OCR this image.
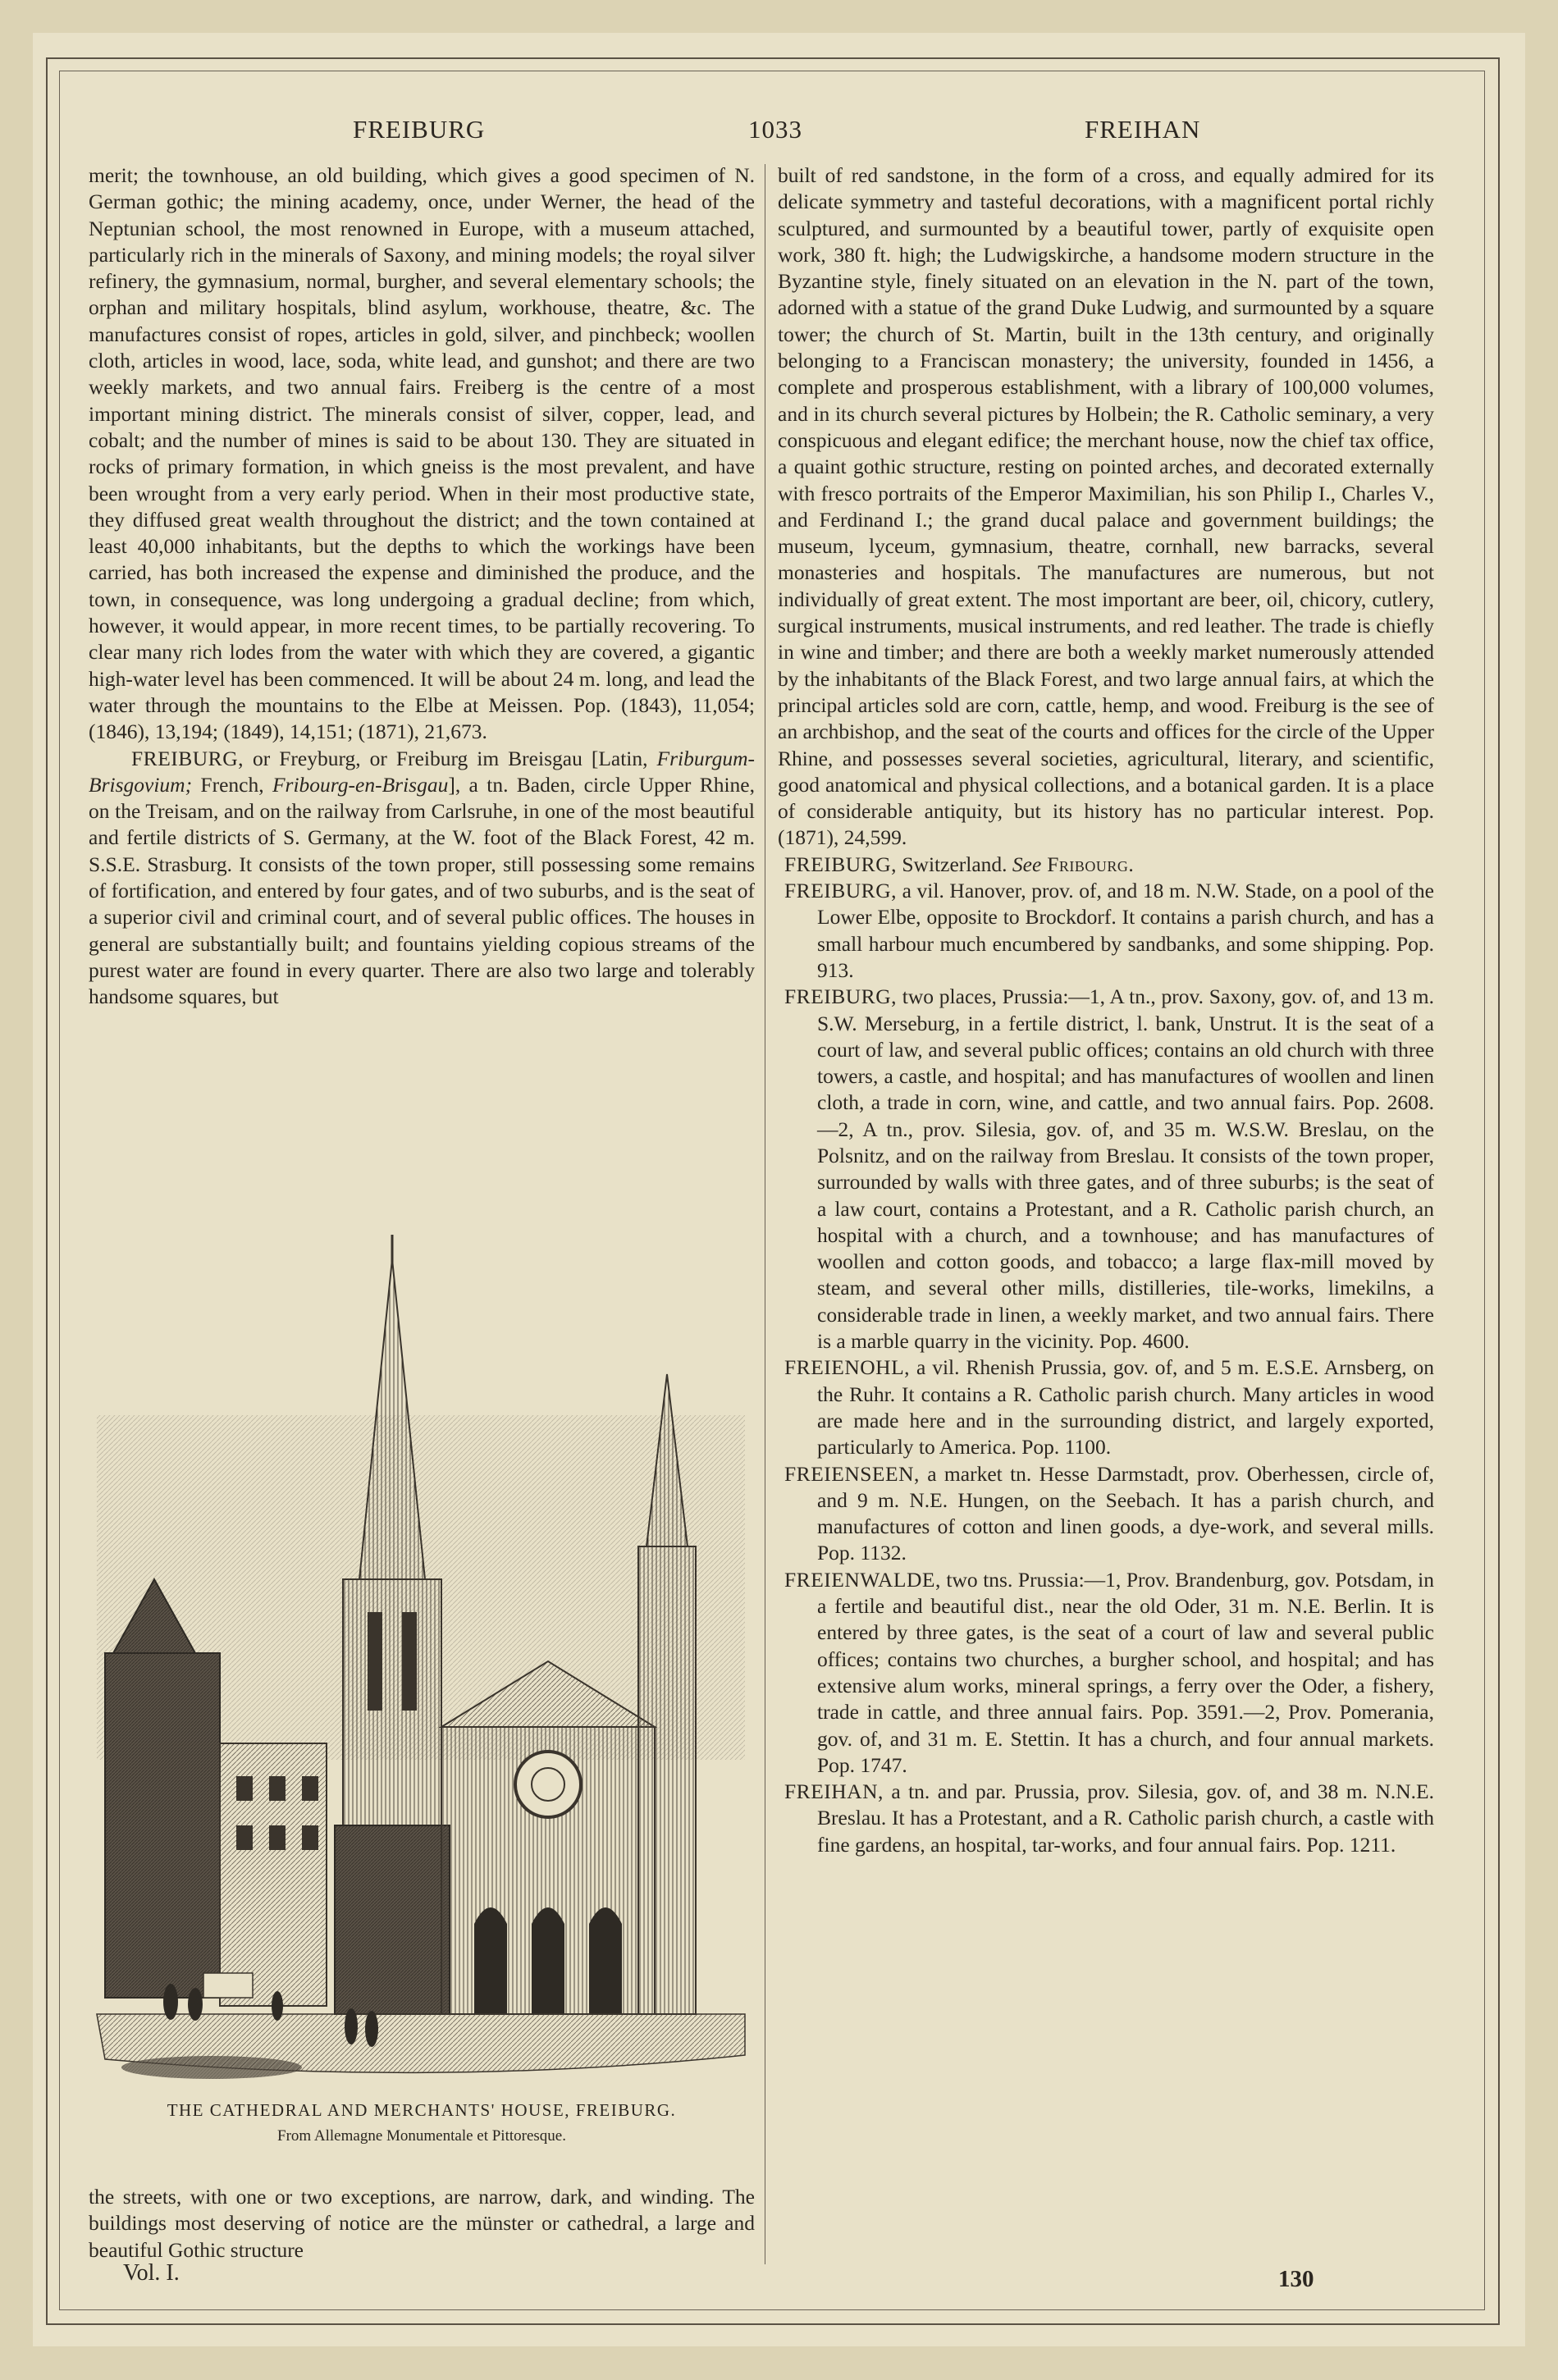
FREIBURG	1033	FREIHAN

merit; the townhouse, an old building, which gives a good specimen of N. German gothic; the mining academy, once, under Werner, the head of the Neptunian school, the most renowned in Europe, with a museum attached, particularly rich in the minerals of Saxony, and mining models; the royal silver refinery, the gymnasium, normal, burgher, and several elementary schools; the orphan and military hospitals, blind asylum, workhouse, theatre, &c. The manufactures consist of ropes, articles in gold, silver, and pinchbeck; woollen cloth, articles in wood, lace, soda, white lead, and gunshot; and there are two weekly markets, and two annual fairs. Freiberg is the centre of a most important mining district. The minerals consist of silver, copper, lead, and cobalt; and the number of mines is said to be about 130. They are situated in rocks of primary formation, in which gneiss is the most prevalent, and have been wrought from a very early period. When in their most productive state, they diffused great wealth throughout the district; and the town contained at least 40,000 inhabitants, but the depths to which the workings have been carried, has both increased the expense and diminished the produce, and the town, in consequence, was long undergoing a gradual decline; from which, however, it would appear, in more recent times, to be partially recovering. To clear many rich lodes from the water with which they are covered, a gigantic high-water level has been commenced. It will be about 24 m. long, and lead the water through the mountains to the Elbe at Meissen. Pop. (1843), 11,054; (1846), 13,194; (1849), 14,151; (1871), 21,673.

FREIBURG, or Freyburg, or Freiburg im Breisgau [Latin, Friburgum-Brisgovium; French, Fribourg-en-Brisgau], a tn. Baden, circle Upper Rhine, on the Treisam, and on the railway from Carlsruhe, in one of the most beautiful and fertile districts of S. Germany, at the W. foot of the Black Forest, 42 m. S.S.E. Strasburg. It consists of the town proper, still possessing some remains of fortification, and entered by four gates, and of two suburbs, and is the seat of a superior civil and criminal court, and of several public offices. The houses in general are substantially built; and fountains yielding copious streams of the purest water are found in every quarter. There are also two large and tolerably handsome squares, but

THE CATHEDRAL AND MERCHANTS' HOUSE, FREIBURG.
From Allemagne Monumentale et Pittoresque.
the streets, with one or two exceptions, are narrow, dark, and winding. The buildings most deserving of notice are the münster or cathedral, a large and beautiful Gothic structure

built of red sandstone, in the form of a cross, and equally admired for its delicate symmetry and tasteful decorations, with a magnificent portal richly sculptured, and surmounted by a beautiful tower, partly of exquisite open work, 380 ft. high; the Ludwigskirche, a handsome modern structure in the Byzantine style, finely situated on an elevation in the N. part of the town, adorned with a statue of the grand Duke Ludwig, and surmounted by a square tower; the church of St. Martin, built in the 13th century, and originally belonging to a Franciscan monastery; the university, founded in 1456, a complete and prosperous establishment, with a library of 100,000 volumes, and in its church several pictures by Holbein; the R. Catholic seminary, a very conspicuous and elegant edifice; the merchant house, now the chief tax office, a quaint gothic structure, resting on pointed arches, and decorated externally with fresco portraits of the Emperor Maximilian, his son Philip I., Charles V., and Ferdinand I.; the grand ducal palace and government buildings; the museum, lyceum, gymnasium, theatre, cornhall, new barracks, several monasteries and hospitals. The manufactures are numerous, but not individually of great extent. The most important are beer, oil, chicory, cutlery, surgical instruments, musical instruments, and red leather. The trade is chiefly in wine and timber; and there are both a weekly market numerously attended by the inhabitants of the Black Forest, and two large annual fairs, at which the principal articles sold are corn, cattle, hemp, and wood. Freiburg is the see of an archbishop, and the seat of the courts and offices for the circle of the Upper Rhine, and possesses several societies, agricultural, literary, and scientific, good anatomical and physical collections, and a botanical garden. It is a place of considerable antiquity, but its history has no particular interest. Pop. (1871), 24,599.

FREIBURG, Switzerland. See Fribourg.

FREIBURG, a vil. Hanover, prov. of, and 18 m. N.W. Stade, on a pool of the Lower Elbe, opposite to Brockdorf. It contains a parish church, and has a small harbour much encumbered by sandbanks, and some shipping. Pop. 913.

FREIBURG, two places, Prussia:—1, A tn., prov. Saxony, gov. of, and 13 m. S.W. Merseburg, in a fertile district, l. bank, Unstrut. It is the seat of a court of law, and several public offices; contains an old church with three towers, a castle, and hospital; and has manufactures of woollen and linen cloth, a trade in corn, wine, and cattle, and two annual fairs. Pop. 2608.—2, A tn., prov. Silesia, gov. of, and 35 m. W.S.W. Breslau, on the Polsnitz, and on the railway from Breslau. It consists of the town proper, surrounded by walls with three gates, and of three suburbs; is the seat of a law court, contains a Protestant, and a R. Catholic parish church, an hospital with a church, and a townhouse; and has manufactures of woollen and cotton goods, and tobacco; a large flax-mill moved by steam, and several other mills, distilleries, tile-works, limekilns, a considerable trade in linen, a weekly market, and two annual fairs. There is a marble quarry in the vicinity. Pop. 4600.

FREIENOHL, a vil. Rhenish Prussia, gov. of, and 5 m. E.S.E. Arnsberg, on the Ruhr. It contains a R. Catholic parish church. Many articles in wood are made here and in the surrounding district, and largely exported, particularly to America. Pop. 1100.

FREIENSEEN, a market tn. Hesse Darmstadt, prov. Oberhessen, circle of, and 9 m. N.E. Hungen, on the Seebach. It has a parish church, and manufactures of cotton and linen goods, a dye-work, and several mills. Pop. 1132.

FREIENWALDE, two tns. Prussia:—1, Prov. Brandenburg, gov. Potsdam, in a fertile and beautiful dist., near the old Oder, 31 m. N.E. Berlin. It is entered by three gates, is the seat of a court of law and several public offices; contains two churches, a burgher school, and hospital; and has extensive alum works, mineral springs, a ferry over the Oder, a fishery, trade in cattle, and three annual fairs. Pop. 3591.—2, Prov. Pomerania, gov. of, and 31 m. E. Stettin. It has a church, and four annual markets. Pop. 1747.

FREIHAN, a tn. and par. Prussia, prov. Silesia, gov. of, and 38 m. N.N.E. Breslau. It has a Protestant, and a R. Catholic parish church, a castle with fine gardens, an hospital, tar-works, and four annual fairs. Pop. 1211.

Vol. I.	130
